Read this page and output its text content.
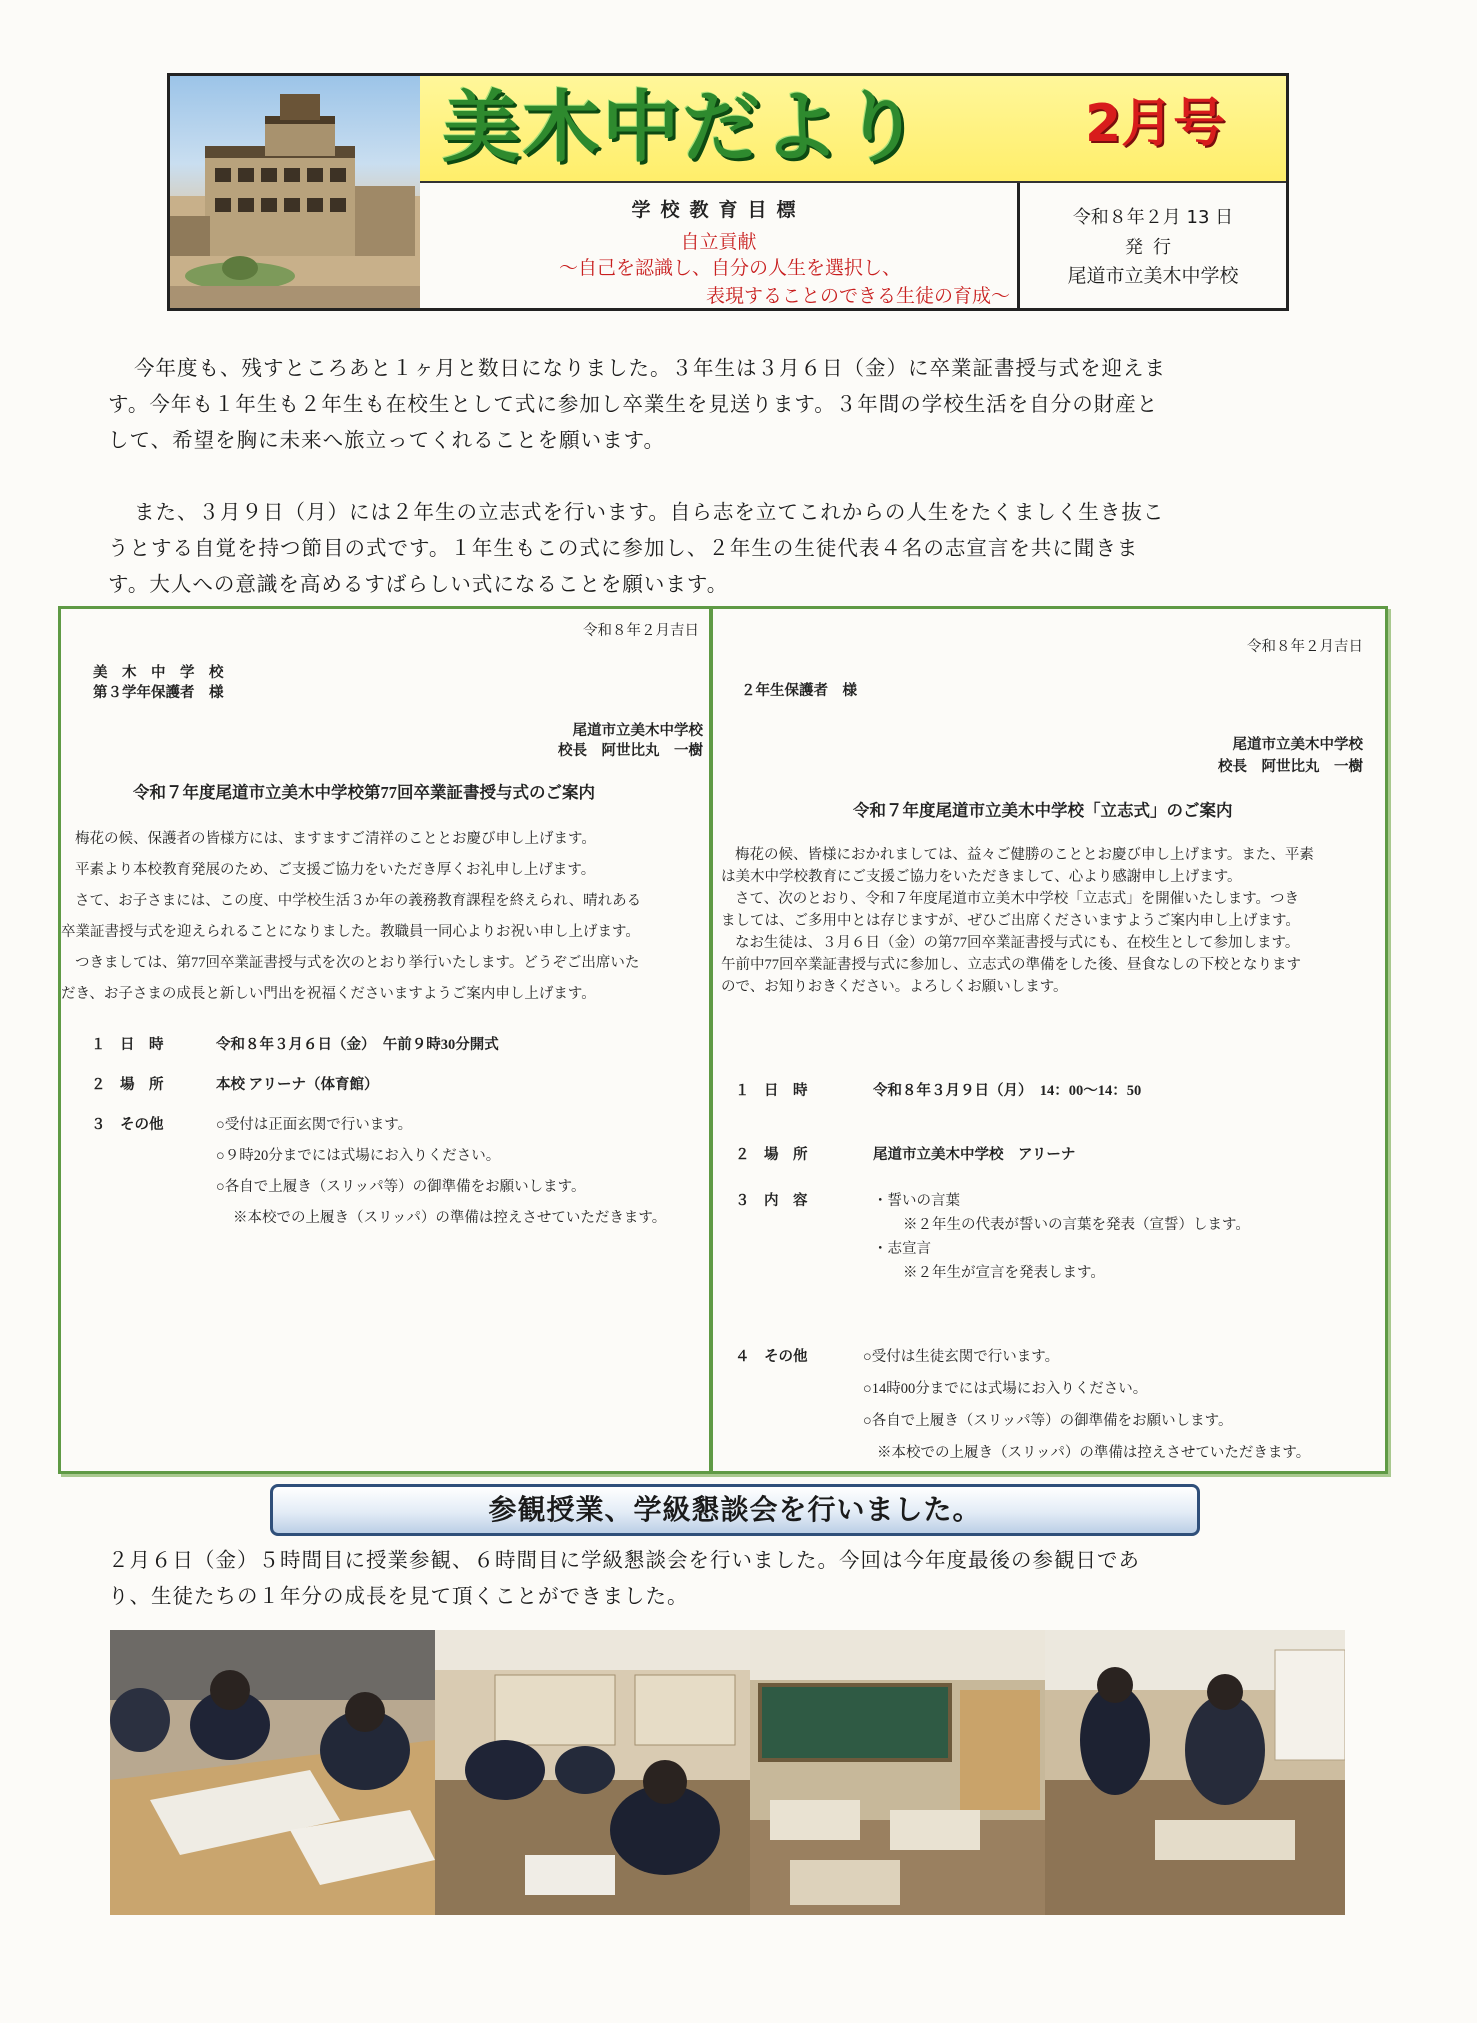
美木中だより	2月号
学校教育目標
自立貢献
～自己を認識し、自分の人生を選択し、
表現することのできる生徒の育成～
令和８年２月 13 日
発行
尾道市立美木中学校
今年度も、残すところあと１ヶ月と数日になりました。３年生は３月６日（金）に卒業証書授与式を迎えま
す。今年も１年生も２年生も在校生として式に参加し卒業生を見送ります。３年間の学校生活を自分の財産と
して、希望を胸に未来へ旅立ってくれることを願います。
また、３月９日（月）には２年生の立志式を行います。自ら志を立てこれからの人生をたくましく生き抜こ
うとする自覚を持つ節目の式です。１年生もこの式に参加し、２年生の生徒代表４名の志宣言を共に聞きま
す。大人への意識を高めるすばらしい式になることを願います。
令和８年２月吉日
美　木　中　学　校
第３学年保護者　様
尾道市立美木中学校
校長　阿世比丸　一樹
令和７年度尾道市立美木中学校第77回卒業証書授与式のご案内
梅花の候、保護者の皆様方には、ますますご清祥のこととお慶び申し上げます。
平素より本校教育発展のため、ご支援ご協力をいただき厚くお礼申し上げます。
さて、お子さまには、この度、中学校生活３か年の義務教育課程を終えられ、晴れある
卒業証書授与式を迎えられることになりました。教職員一同心よりお祝い申し上げます。
つきましては、第77回卒業証書授与式を次のとおり挙行いたします。どうぞご出席いた
だき、お子さまの成長と新しい門出を祝福くださいますようご案内申し上げます。
１　日　時	令和８年３月６日（金）　午前９時30分開式
２　場　所	本校 アリーナ（体育館）
３　その他	○受付は正面玄関で行います。
○９時20分までには式場にお入りください。
○各自で上履き（スリッパ等）の御準備をお願いします。
※本校での上履き（スリッパ）の準備は控えさせていただきます。
令和８年２月吉日
２年生保護者　様
尾道市立美木中学校
校長　阿世比丸　一樹
令和７年度尾道市立美木中学校「立志式」のご案内
梅花の候、皆様におかれましては、益々ご健勝のこととお慶び申し上げます。また、平素
は美木中学校教育にご支援ご協力をいただきまして、心より感謝申し上げます。
さて、次のとおり、令和７年度尾道市立美木中学校「立志式」を開催いたします。つき
ましては、ご多用中とは存じますが、ぜひご出席くださいますようご案内申し上げます。
なお生徒は、３月６日（金）の第77回卒業証書授与式にも、在校生として参加します。
午前中77回卒業証書授与式に参加し、立志式の準備をした後、昼食なしの下校となります
ので、お知りおきください。よろしくお願いします。
１　日　時	令和８年３月９日（月）　14：00～14：50
２　場　所	尾道市立美木中学校　アリーナ
３　内　容	・誓いの言葉
※２年生の代表が誓いの言葉を発表（宣誓）します。
・志宣言
※２年生が宣言を発表します。
４　その他	○受付は生徒玄関で行います。
○14時00分までには式場にお入りください。
○各自で上履き（スリッパ等）の御準備をお願いします。
※本校での上履き（スリッパ）の準備は控えさせていただきます。
参観授業、学級懇談会を行いました。
２月６日（金）５時間目に授業参観、６時間目に学級懇談会を行いました。今回は今年度最後の参観日であ
り、生徒たちの１年分の成長を見て頂くことができました。
